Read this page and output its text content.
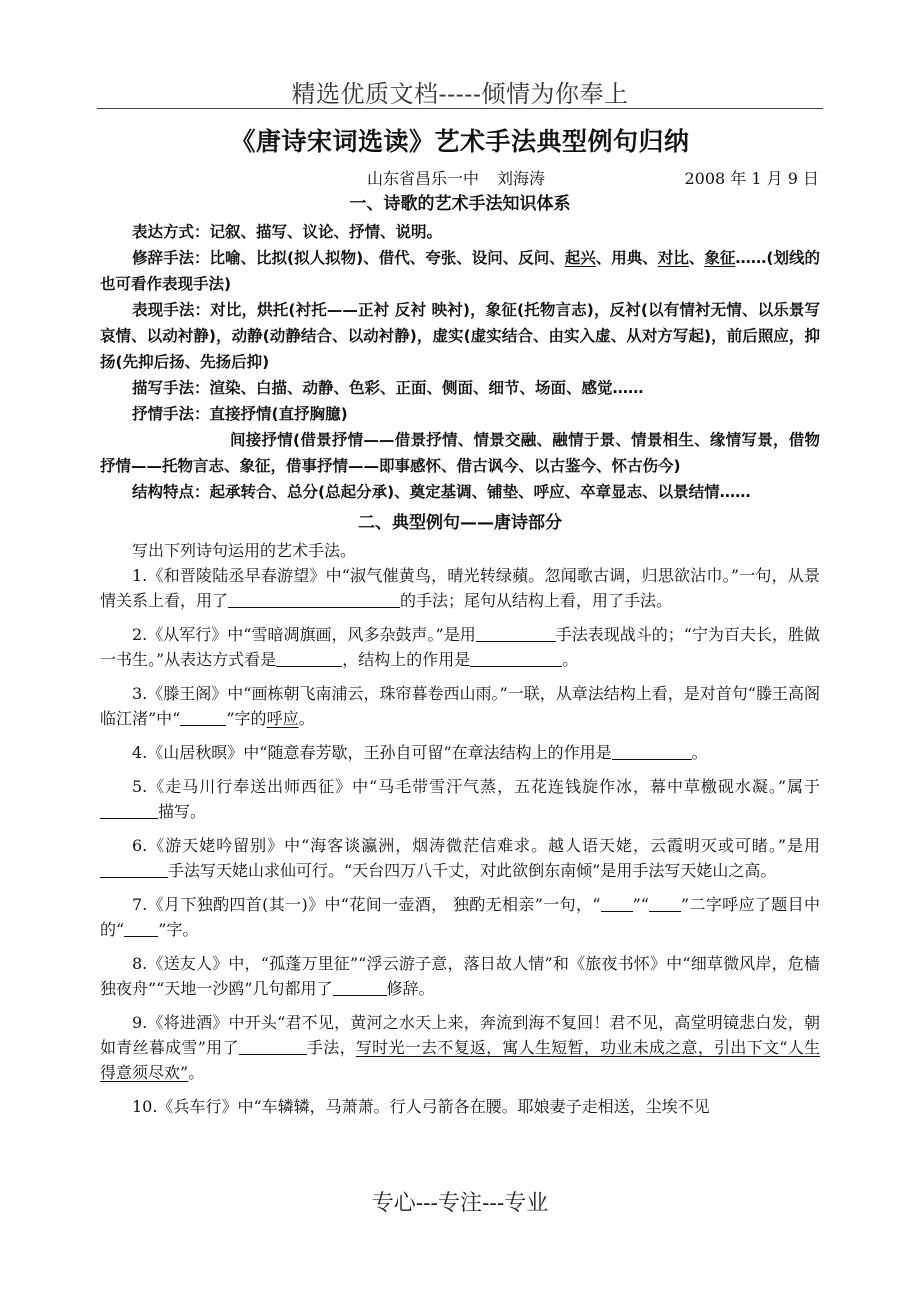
精选优质文档-----倾情为你奉上
《唐诗宋词选读》艺术手法典型例句归纳
山东省昌乐一中 刘海涛	2008 年 1 月 9 日
一、诗歌的艺术手法知识体系

表达方式：记叙、描写、议论、抒情、说明。

修辞手法：比喻、比拟(拟人拟物)、借代、夸张、设问、反问、起兴、用典、对比、象征……(划线的也可看作表现手法)

表现手法：对比，烘托(衬托——正衬 反衬 映衬)，象征(托物言志)，反衬(以有情衬无情、以乐景写哀情、以动衬静)，动静(动静结合、以动衬静)，虚实(虚实结合、由实入虚、从对方写起)，前后照应，抑扬(先抑后扬、先扬后抑)

描写手法：渲染、白描、动静、色彩、正面、侧面、细节、场面、感觉……

抒情手法：直接抒情(直抒胸臆)

间接抒情(借景抒情——借景抒情、情景交融、融情于景、情景相生、缘情写景，借物抒情——托物言志、象征，借事抒情——即事感怀、借古讽今、以古鉴今、怀古伤今)

结构特点：起承转合、总分(总起分承)、奠定基调、铺垫、呼应、卒章显志、以景结情……

二、典型例句——唐诗部分

写出下列诗句运用的艺术手法。

1.《和晋陵陆丞早春游望》中“淑气催黄鸟，晴光转绿蘋。忽闻歌古调，归思欲沾巾。”一句，从景情关系上看，用了	的手法；尾句从结构上看，用了手法。

2.《从军行》中“雪暗凋旗画，风多杂鼓声。”是用	手法表现战斗的；“宁为百夫长，胜做一书生。”从表达方式看是	，结构上的作用是	。

3.《滕王阁》中“画栋朝飞南浦云，珠帘暮卷西山雨。”一联，从章法结构上看，是对首句“滕王高阁临江渚”中“	”字的呼应。

4.《山居秋暝》中“随意春芳歇，王孙自可留”在章法结构上的作用是	。

5.《走马川行奉送出师西征》中“马毛带雪汗气蒸，五花连钱旋作冰，幕中草檄砚水凝。”属于描写。

6.《游天姥吟留别》中“海客谈瀛洲，烟涛微茫信难求。越人语天姥，云霞明灭或可睹。”是用手法写天姥山求仙可行。“天台四万八千丈，对此欲倒东南倾”是用手法写天姥山之高。

7.《月下独酌四首(其一)》中“花间一壶酒， 独酌无相亲”一句，“ ”“ ”二字呼应了题目中的“ ”字。

8.《送友人》中，“孤蓬万里征”“浮云游子意，落日故人情”和《旅夜书怀》中“细草微风岸，危樯独夜舟”“天地一沙鸥”几句都用了	修辞。

9.《将进酒》中开头“君不见，黄河之水天上来，奔流到海不复回！君不见，高堂明镜悲白发，朝如青丝暮成雪”用了	手法，写时光一去不复返，寓人生短暂，功业未成之意，引出下文“人生得意须尽欢”。

10.《兵车行》中“车辚辚，马萧萧。行人弓箭各在腰。耶娘妻子走相送，尘埃不见

专心---专注---专业
